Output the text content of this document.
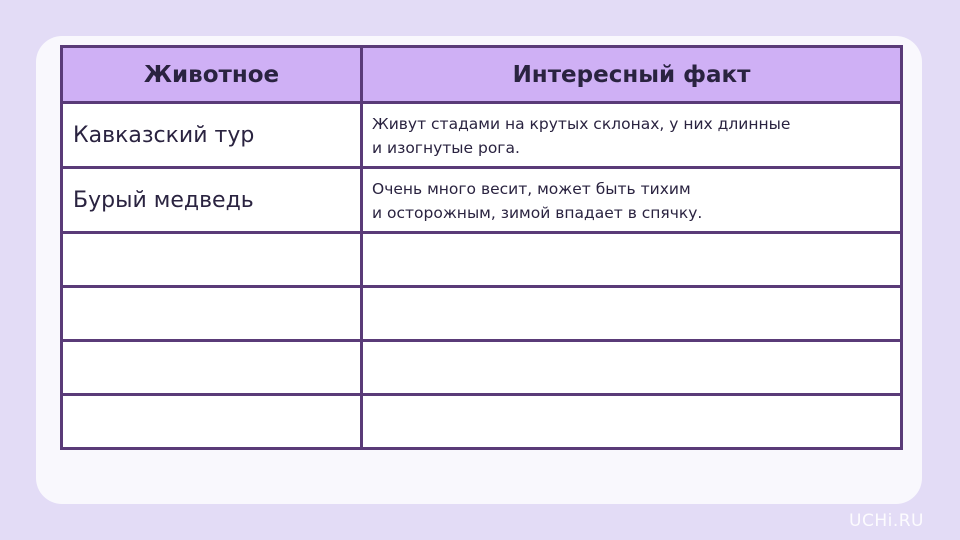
Животное	Интересный факт
Кавказский тур	Живут стадами на крутых склонах, у них длинные
и изогнутые рога.
Бурый медведь	Очень много весит, может быть тихим
и осторожным, зимой впадает в спячку.

UCHi.RU
